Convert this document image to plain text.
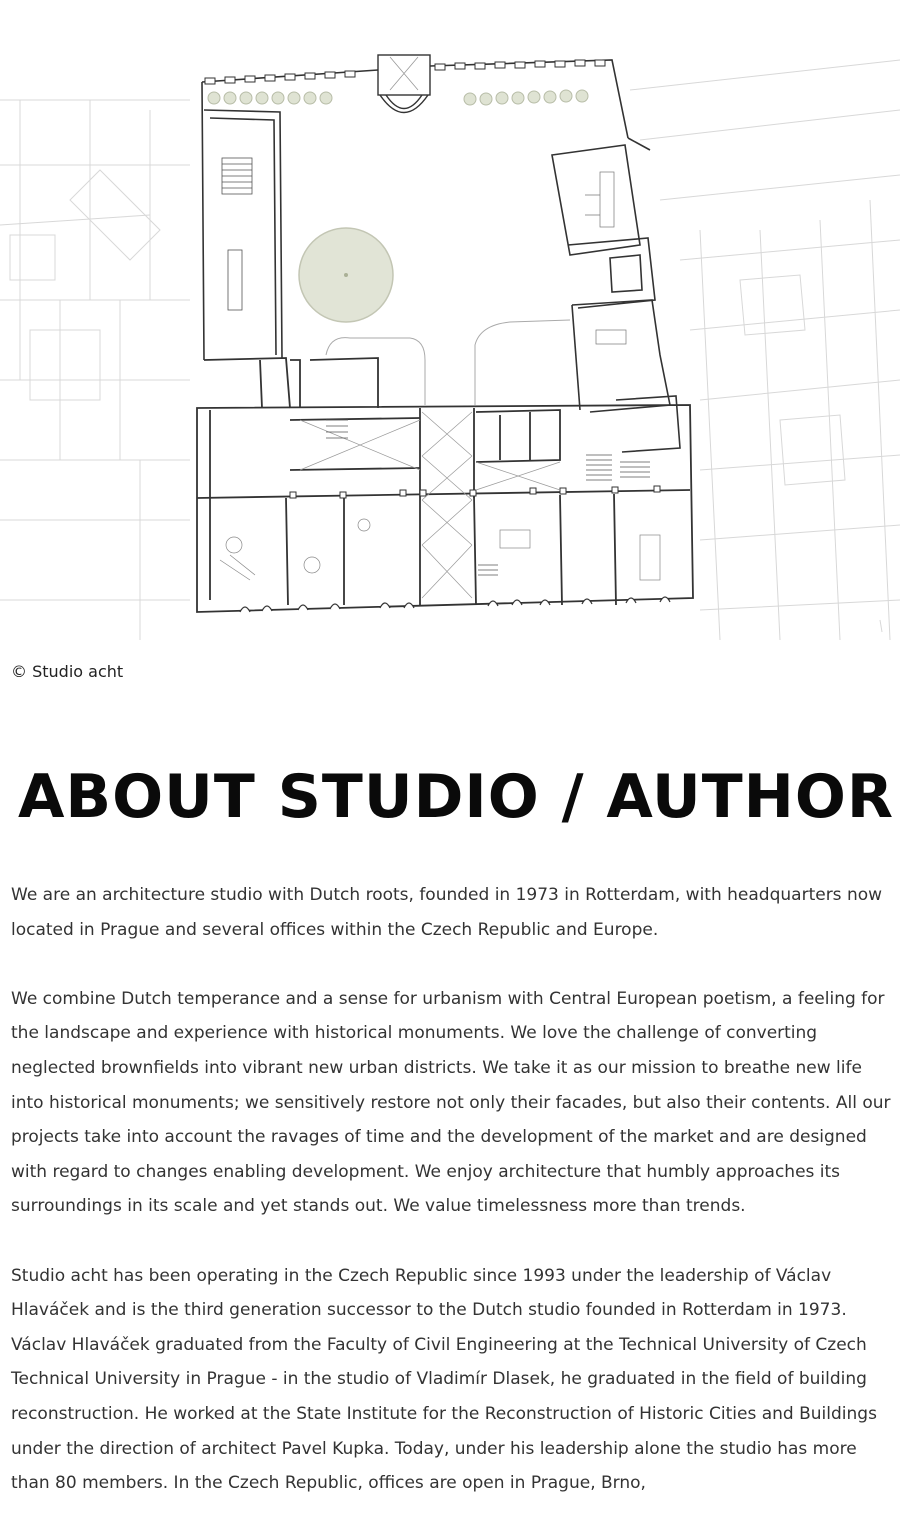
© Studio acht
ABOUT STUDIO / AUTHOR

We are an architecture studio with Dutch roots, founded in 1973 in Rotterdam, with headquarters now located in Prague and several offices within the Czech Republic and Europe.

We combine Dutch temperance and a sense for urbanism with Central European poetism, a feeling for the landscape and experience with historical monuments. We love the challenge of converting neglected brownfields into vibrant new urban districts. We take it as our mission to breathe new life into historical monuments; we sensitively restore not only their facades, but also their contents. All our projects take into account the ravages of time and the development of the market and are designed with regard to changes enabling development. We enjoy architecture that humbly approaches its surroundings in its scale and yet stands out. We value timelessness more than trends.

Studio acht has been operating in the Czech Republic since 1993 under the leadership of Václav Hlaváček and is the third generation successor to the Dutch studio founded in Rotterdam in 1973. Václav Hlaváček graduated from the Faculty of Civil Engineering at the Technical University of Czech Technical University in Prague - in the studio of Vladimír Dlasek, he graduated in the field of building reconstruction. He worked at the State Institute for the Reconstruction of Historic Cities and Buildings under the direction of architect Pavel Kupka. Today, under his leadership alone the studio has more than 80 members. In the Czech Republic, offices are open in Prague, Brno,
